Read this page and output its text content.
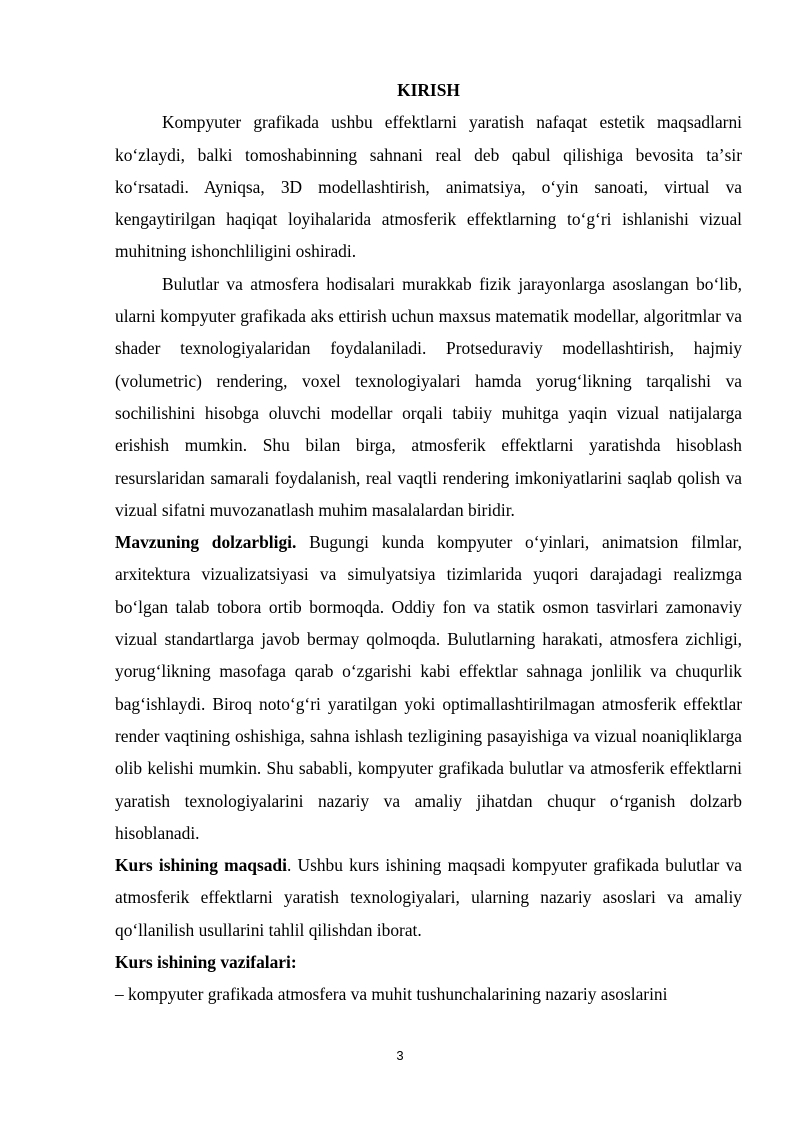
KIRISH

Kompyuter grafikada ushbu effektlarni yaratish nafaqat estetik maqsadlarni koʻzlaydi, balki tomoshabinning sahnani real deb qabul qilishiga bevosita taʼsir koʻrsatadi. Ayniqsa, 3D modellashtirish, animatsiya, oʻyin sanoati, virtual va kengaytirilgan haqiqat loyihalarida atmosferik effektlarning toʻgʻri ishlanishi vizual muhitning ishonchliligini oshiradi.

Bulutlar va atmosfera hodisalari murakkab fizik jarayonlarga asoslangan boʻlib, ularni kompyuter grafikada aks ettirish uchun maxsus matematik modellar, algoritmlar va shader texnologiyalaridan foydalaniladi. Protseduraviy modellashtirish, hajmiy (volumetric) rendering, voxel texnologiyalari hamda yorugʻlikning tarqalishi va sochilishini hisobga oluvchi modellar orqali tabiiy muhitga yaqin vizual natijalarga erishish mumkin. Shu bilan birga, atmosferik effektlarni yaratishda hisoblash resurslaridan samarali foydalanish, real vaqtli rendering imkoniyatlarini saqlab qolish va vizual sifatni muvozanatlash muhim masalalardan biridir.

Mavzuning dolzarbligi. Bugungi kunda kompyuter oʻyinlari, animatsion filmlar, arxitektura vizualizatsiyasi va simulyatsiya tizimlarida yuqori darajadagi realizmga boʻlgan talab tobora ortib bormoqda. Oddiy fon va statik osmon tasvirlari zamonaviy vizual standartlarga javob bermay qolmoqda. Bulutlarning harakati, atmosfera zichligi, yorugʻlikning masofaga qarab oʻzgarishi kabi effektlar sahnaga jonlilik va chuqurlik bagʻishlaydi. Biroq notoʻgʻri yaratilgan yoki optimallashtirilmagan atmosferik effektlar render vaqtining oshishiga, sahna ishlash tezligining pasayishiga va vizual noaniqliklarga olib kelishi mumkin. Shu sababli, kompyuter grafikada bulutlar va atmosferik effektlarni yaratish texnologiyalarini nazariy va amaliy jihatdan chuqur oʻrganish dolzarb hisoblanadi.

Kurs ishining maqsadi. Ushbu kurs ishining maqsadi kompyuter grafikada bulutlar va atmosferik effektlarni yaratish texnologiyalari, ularning nazariy asoslari va amaliy qoʻllanilish usullarini tahlil qilishdan iborat.

Kurs ishining vazifalari:

– kompyuter grafikada atmosfera va muhit tushunchalarining nazariy asoslarini

3
